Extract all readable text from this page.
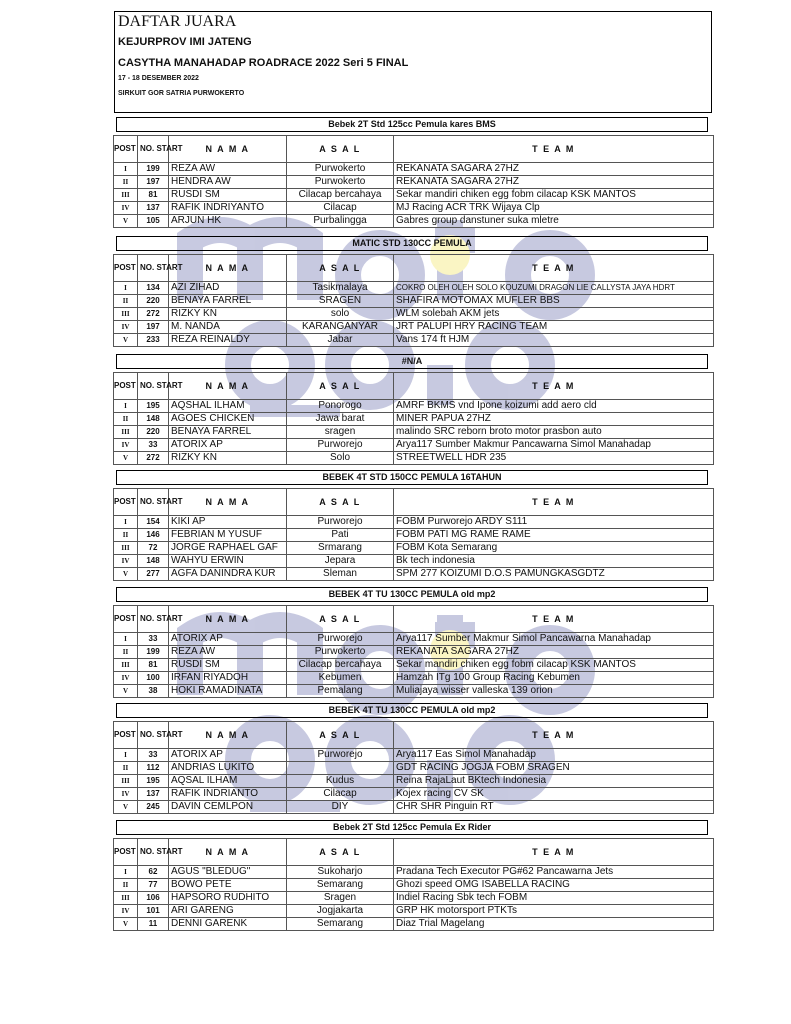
DAFTAR JUARA
KEJURPROV IMI JATENG
CASYTHA MANAHADAP ROADRACE 2022 Seri 5 FINAL
17 - 18 DESEMBER 2022
SIRKUIT GOR SATRIA PURWOKERTO
Bebek 2T Std 125cc Pemula kares BMS
POST	NO. START	N A M A	A S A L	T E A M
I	199	REZA AW	Purwokerto	REKANATA SAGARA 27HZ
II	197	HENDRA AW	Purwokerto	REKANATA SAGARA 27HZ
III	81	RUSDI SM	Cilacap bercahaya	Sekar mandiri chiken egg fobm cilacap KSK MANTOS
IV	137	RAFIK INDRIYANTO	Cilacap	MJ Racing ACR TRK Wijaya Clp
V	105	ARJUN HK	Purbalingga	Gabres group danstuner suka mletre
MATIC STD 130CC PEMULA
POST	NO. START	N A M A	A S A L	T E A M
I	134	AZI ZIHAD	Tasikmalaya	COKRO OLEH OLEH SOLO KOUZUMI DRAGON LIE CALLYSTA JAYA HDRT
II	220	BENAYA FARREL	SRAGEN	SHAFIRA MOTOMAX MUFLER BBS
III	272	RIZKY KN	solo	WLM solebah AKM jets
IV	197	M. NANDA	KARANGANYAR	JRT PALUPI HRY RACING TEAM
V	233	REZA REINALDY	Jabar	Vans 174 ft HJM
#N/A
POST	NO. START	N A M A	A S A L	T E A M
I	195	AQSHAL ILHAM	Ponorogo	AMRF BKMS vnd Ipone koizumi add aero cld
II	148	AGOES CHICKEN	Jawa barat	MINER PAPUA 27HZ
III	220	BENAYA FARREL	sragen	malindo SRC reborn broto motor prasbon auto
IV	33	ATORIX AP	Purworejo	Arya117 Sumber Makmur Pancawarna Simol Manahadap
V	272	RIZKY KN	Solo	STREETWELL HDR 235
BEBEK 4T STD 150CC PEMULA 16TAHUN
POST	NO. START	N A M A	A S A L	T E A M
I	154	KIKI AP	Purworejo	FOBM Purworejo ARDY S111
II	146	FEBRIAN M YUSUF	Pati	FOBM PATI MG RAME RAME
III	72	JORGE RAPHAEL GAF	Srmarang	FOBM Kota Semarang
IV	148	WAHYU ERWIN	Jepara	Bk tech indonesia
V	277	AGFA DANINDRA KUR	Sleman	SPM 277 KOIZUMI D.O.S PAMUNGKASGDTZ
BEBEK 4T TU 130CC PEMULA old mp2
POST	NO. START	N A M A	A S A L	T E A M
I	33	ATORIX AP	Purworejo	Arya117 Sumber Makmur Simol Pancawarna Manahadap
II	199	REZA AW	Purwokerto	REKANATA SAGARA 27HZ
III	81	RUSDI SM	Cilacap bercahaya	Sekar mandiri chiken egg fobm cilacap KSK MANTOS
IV	100	IRFAN RIYADOH	Kebumen	Hamzah ITg 100 Group Racing Kebumen
V	38	HOKI RAMADINATA	Pemalang	Muliajaya wisser valleska 139 orion
BEBEK 4T TU 130CC PEMULA old mp2
POST	NO. START	N A M A	A S A L	T E A M
I	33	ATORIX AP	Purworejo	Arya117 Eas Simol Manahadap
II	112	ANDRIAS LUKITO		GDT RACING JOGJA FOBM SRAGEN
III	195	AQSAL ILHAM	Kudus	Reina RajaLaut BKtech Indonesia
IV	137	RAFIK INDRIANTO	Cilacap	Kojex racing CV SK
V	245	DAVIN CEMLPON	DIY	CHR SHR Pinguin RT
Bebek 2T Std 125cc Pemula Ex Rider
POST	NO. START	N A M A	A S A L	T E A M
I	62	AGUS "BLEDUG"	Sukoharjo	Pradana Tech Executor PG#62 Pancawarna Jets
II	77	BOWO PETE	Semarang	Ghozi speed OMG ISABELLA RACING
III	106	HAPSORO RUDHITO	Sragen	Indiel Racing Sbk tech FOBM
IV	101	ARI GARENG	Jogjakarta	GRP HK motorsport PTKTs
V	11	DENNI GARENK	Semarang	Diaz Trial Magelang
